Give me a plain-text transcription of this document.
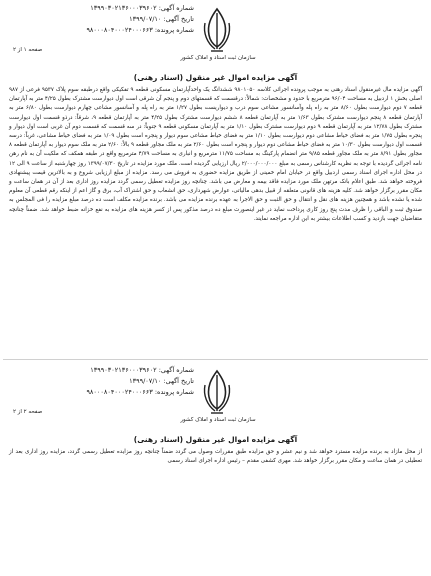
شماره آگهی: ۱۳۹۹۰۳۰۲۱۳۶۰۰۰۳۹۶۰۲
تاریخ آگهی: ۱۳۹۹/۰۷/۱۰
شماره پرونده: ۹۸۰۰۰۸۰۴۰۰۰۲۴۰۰۰۶۶۳
سازمان ثبت اسناد و املاک کشور
صفحه ۱ از ۲
آگهی مزایده اموال غیر منقول (اسناد رهنی)

آگهی مزایده مال غیرمنقول اسناد رهنی به موجب پرونده اجرائی کلاسه ۹۸۰۱۰۵۰ ششدانگ یک واحدآپارتمان مسکونی قطعه ۹ تفکیکی واقع درطبقه سوم پلاک ۹۵۳۷ فرعی از ۹۸۷ اصلی بخش ۱ اردبیل به مساحت ۹۶/۰۴ مترمربع با حدود و مشخصات: شمالاً: درقسمت که قسمتهای دوم و پنجم آن شرقی است اول دیوارست مشترک بطول ۴/۲۵ متر به آپارتمان قطعه ۷ دوم دیوارست بطول ۸/۶۰ متر به راه پله وآسانسور مشاعی سوم درب و دیواریست بطول ۱/۲۷ متر به راه پله و آسانسور مشاعی چهارم دیوارست بطول ۶/۸۰ متر به آپارتمان قطعه ۸ پنجم دیوارست مشترک بطول ۱/۶۳ متر به آپارتمان قطعه ۸ ششم دیوارست مشترک بطول ۴/۲۵ متر به آپارتمان قطعه ۹، شرقاً: درذو قسمت اول دیوارست مشترک بطول ۱۲/۷۸ متر به آپارتمان قطعه ۹ دوم دیوارست مشترک بطول ۱/۱۰ متر به آپارتمان مسکونی قطعه ۹ جنوباً: در سه قسمت که قسمت دوم آن غربی است اول دیوار و پنجره بطول ۱/۷۵ متر به فضای خیاط مشاعی دوم دیوارست بطول ۱/۱۰ متر به فضای خیاط مشاعی سوم دیوار و پنجره است بطول ۱/۰۹ متر به فضای خیاط مشاعی، غرباً: درسه قسمت اول دیوارست بطول ۱۰/۳۰ متر به فضای خیاط مشاعی دوم دیوار و پنجره است بطول ۲/۶۰ متر به ملک مجاور قطعه ۹ بالاً: ۲/۶۰ متر به ملک سوم دیوار به آپارتمان قطعه ۸ مجاور بطول ۸/۹۱ متر به ملک مجاور قطعه ۹/۸۵ متر انضمام پارکینگ به مساحت ۱۱/۷۵ مترمربع و انباری به مساحت ۴/۷۹ مترمربع واقع در طبقه همکف که ملکیت آن به نام رهن نامه اجرائی گردیده با توجه به نظریه کارشناس رسمی به مبلغ ۲/۰۰۰/۰۰۰/۰۰۰ ریال ارزیابی گردیده است. ملک مورد مزایده در تاریخ ۱۳۹۹/۰۷/۳۰ روز چهارشنبه از ساعت ۹ الی ۱۲ در محل اداره اجرای اسناد رسمی اردبیل واقع در خیابان امام خمینی از طریق مزایده حضوری به فروش می رسد. مزایده از مبلغ ارزیابی شروع و به بالاترین قیمت پیشنهادی فروخته خواهد شد. طبق اعلام بانک مرتهن ملک مورد مزایده فاقد بیمه و معارض می باشد. چنانچه روز مزایده تعطیل رسمی گردد مزایده روز اداری بعد از آن در همان ساعت و مکان مقرر برگزار خواهد شد. کلیه هزینه های قانونی متعلقه از قبیل بدهی مالیاتی، عوارض شهرداری، حق انشعاب و حق اشتراک آب، برق و گاز اعم از اینکه رقم قطعی آن معلوم شده یا نشده باشد و همچنین هزینه های نقل و انتقال و حق الثبت و حق الاجرا به عهده برنده مزایده می باشد. برنده مزایده مکلف است ده درصد مبلغ مزایده را فی المجلس به صندوق ثبت و الباقی را ظرف مدت پنج روز کاری پرداخت نماید در غیر اینصورت مبلغ ده درصد مذکور پس از کسر هزینه های مزایده به نفع خزانه ضبط خواهد شد. ضمناً چنانچه متقاضیان جهت بازدید و کسب اطلاعات بیشتر به این اداره مراجعه نمایند.

شماره آگهی: ۱۳۹۹۰۳۰۲۱۳۶۰۰۰۳۹۶۰۲
تاریخ آگهی: ۱۳۹۹/۰۷/۱۰
شماره پرونده: ۹۸۰۰۰۸۰۴۰۰۰۲۴۰۰۰۶۶۳
سازمان ثبت اسناد و املاک کشور
صفحه ۲ از ۲
آگهی مزایده اموال غیر منقول (اسناد رهنی)

از محل مازاد به برنده مزایده مسترد خواهد شد و نیم عشر و حق مزایده طبق مقررات وصول می گردد ضمناً چنانچه روز مزایده تعطیل رسمی گردد، مزایده روز اداری بعد از تعطیلی در همان ساعت و مکان مقرر برگزار خواهد شد. مهری کشفی مقدم – رئیس اداره اجرای اسناد رسمی
